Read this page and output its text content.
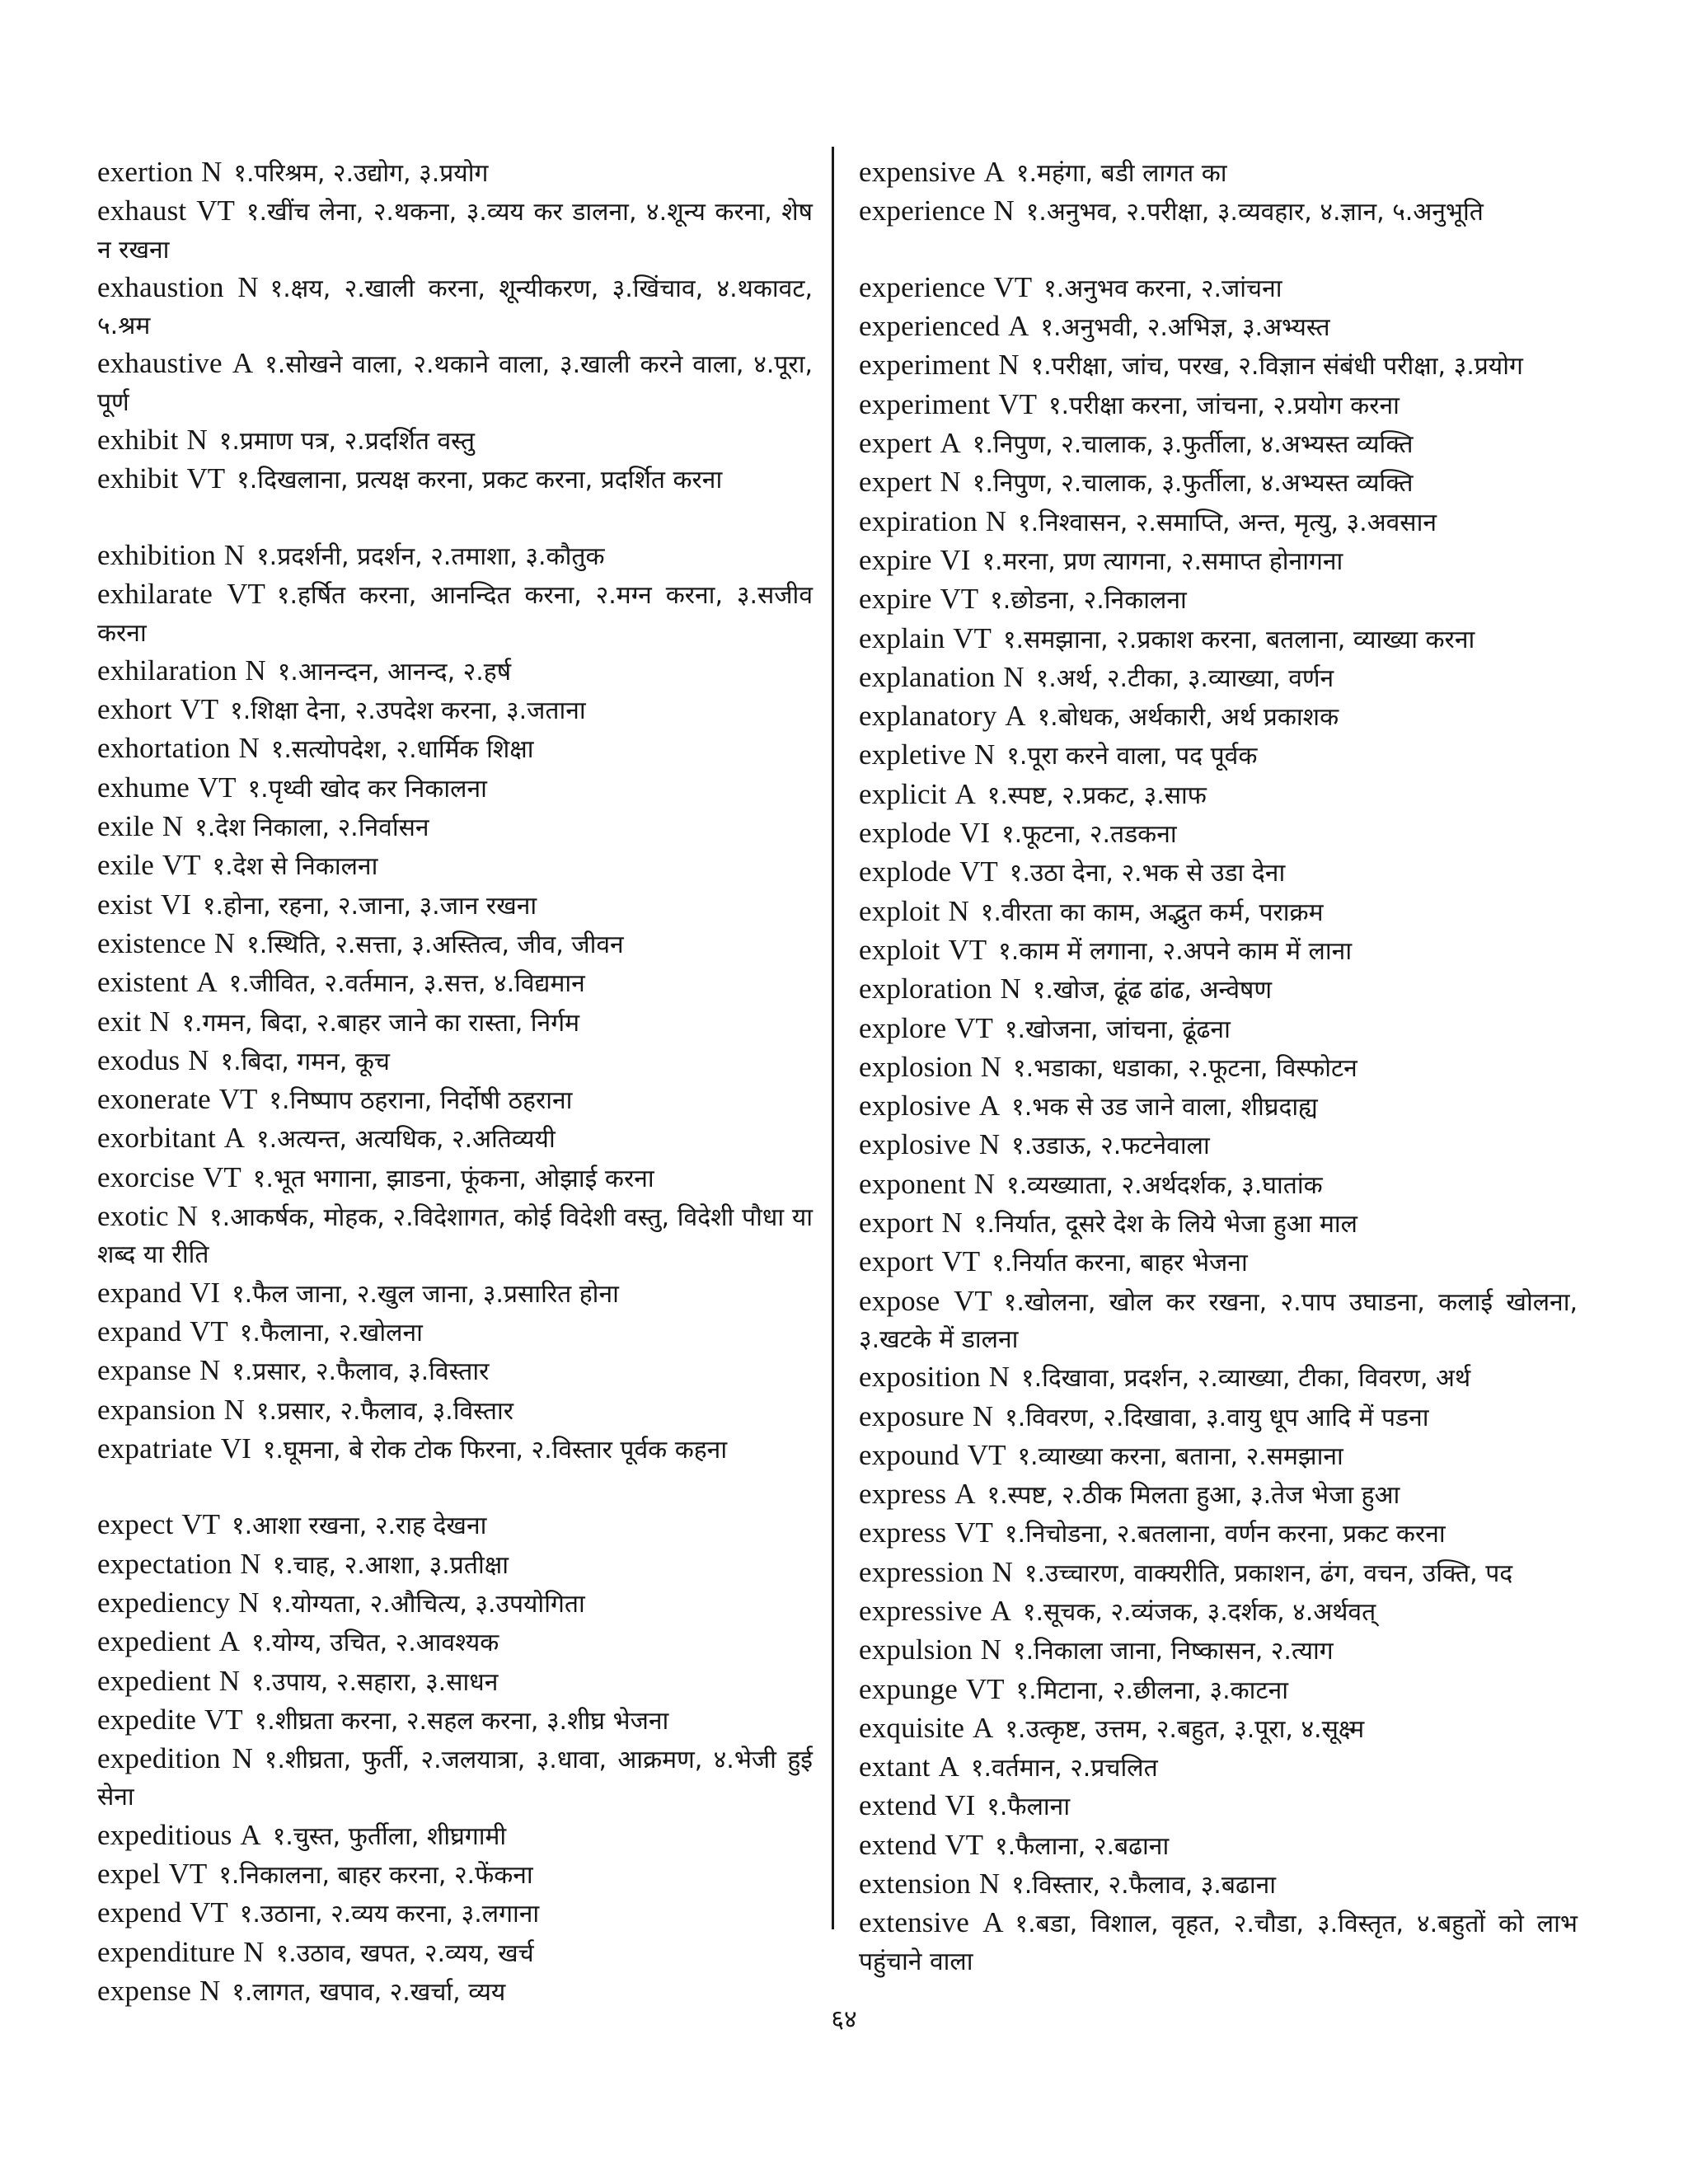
exertion N १.परिश्रम, २.उद्योग, ३.प्रयोग

exhaust VT १.खींच लेना, २.थकना, ३.व्यय कर डालना, ४.शून्य करना, शेष न रखना

exhaustion N १.क्षय, २.खाली करना, शून्यीकरण, ३.खिंचाव, ४.थकावट, ५.श्रम

exhaustive A १.सोखने वाला, २.थकाने वाला, ३.खाली करने वाला, ४.पूरा, पूर्ण

exhibit N १.प्रमाण पत्र, २.प्रदर्शित वस्तु

exhibit VT १.दिखलाना, प्रत्यक्ष करना, प्रकट करना, प्रदर्शित करना

exhibition N १.प्रदर्शनी, प्रदर्शन, २.तमाशा, ३.कौतुक

exhilarate VT १.हर्षित करना, आनन्दित करना, २.मग्न करना, ३.सजीव करना

exhilaration N १.आनन्दन, आनन्द, २.हर्ष

exhort VT १.शिक्षा देना, २.उपदेश करना, ३.जताना

exhortation N १.सत्योपदेश, २.धार्मिक शिक्षा

exhume VT १.पृथ्वी खोद कर निकालना

exile N १.देश निकाला, २.निर्वासन

exile VT १.देश से निकालना

exist VI १.होना, रहना, २.जाना, ३.जान रखना

existence N १.स्थिति, २.सत्ता, ३.अस्तित्व, जीव, जीवन

existent A १.जीवित, २.वर्तमान, ३.सत्त, ४.विद्यमान

exit N १.गमन, बिदा, २.बाहर जाने का रास्ता, निर्गम

exodus N १.बिदा, गमन, कूच

exonerate VT १.निष्पाप ठहराना, निर्दोषी ठहराना

exorbitant A १.अत्यन्त, अत्यधिक, २.अतिव्ययी

exorcise VT १.भूत भगाना, झाडना, फूंकना, ओझाई करना

exotic N १.आकर्षक, मोहक, २.विदेशागत, कोई विदेशी वस्तु, विदेशी पौधा या शब्द या रीति

expand VI १.फैल जाना, २.खुल जाना, ३.प्रसारित होना

expand VT १.फैलाना, २.खोलना

expanse N १.प्रसार, २.फैलाव, ३.विस्तार

expansion N १.प्रसार, २.फैलाव, ३.विस्तार

expatriate VI १.घूमना, बे रोक टोक फिरना, २.विस्तार पूर्वक कहना

expect VT १.आशा रखना, २.राह देखना

expectation N १.चाह, २.आशा, ३.प्रतीक्षा

expediency N १.योग्यता, २.औचित्य, ३.उपयोगिता

expedient A १.योग्य, उचित, २.आवश्यक

expedient N १.उपाय, २.सहारा, ३.साधन

expedite VT १.शीघ्रता करना, २.सहल करना, ३.शीघ्र भेजना

expedition N १.शीघ्रता, फुर्ती, २.जलयात्रा, ३.धावा, आक्रमण, ४.भेजी हुई सेना

expeditious A १.चुस्त, फुर्तीला, शीघ्रगामी

expel VT १.निकालना, बाहर करना, २.फेंकना

expend VT १.उठाना, २.व्यय करना, ३.लगाना

expenditure N १.उठाव, खपत, २.व्यय, खर्च

expense N १.लागत, खपाव, २.खर्चा, व्यय

expensive A १.महंगा, बडी लागत का

experience N १.अनुभव, २.परीक्षा, ३.व्यवहार, ४.ज्ञान, ५.अनुभूति

experience VT १.अनुभव करना, २.जांचना

experienced A १.अनुभवी, २.अभिज्ञ, ३.अभ्यस्त

experiment N १.परीक्षा, जांच, परख, २.विज्ञान संबंधी परीक्षा, ३.प्रयोग

experiment VT १.परीक्षा करना, जांचना, २.प्रयोग करना

expert A १.निपुण, २.चालाक, ३.फुर्तीला, ४.अभ्यस्त व्यक्ति

expert N १.निपुण, २.चालाक, ३.फुर्तीला, ४.अभ्यस्त व्यक्ति

expiration N १.निश्वासन, २.समाप्ति, अन्त, मृत्यु, ३.अवसान

expire VI १.मरना, प्रण त्यागना, २.समाप्त होनागना

expire VT १.छोडना, २.निकालना

explain VT १.समझाना, २.प्रकाश करना, बतलाना, व्याख्या करना

explanation N १.अर्थ, २.टीका, ३.व्याख्या, वर्णन

explanatory A १.बोधक, अर्थकारी, अर्थ प्रकाशक

expletive N १.पूरा करने वाला, पद पूर्वक

explicit A १.स्पष्ट, २.प्रकट, ३.साफ

explode VI १.फूटना, २.तडकना

explode VT १.उठा देना, २.भक से उडा देना

exploit N १.वीरता का काम, अद्भुत कर्म, पराक्रम

exploit VT १.काम में लगाना, २.अपने काम में लाना

exploration N १.खोज, ढूंढ ढांढ, अन्वेषण

explore VT १.खोजना, जांचना, ढूंढना

explosion N १.भडाका, धडाका, २.फूटना, विस्फोटन

explosive A १.भक से उड जाने वाला, शीघ्रदाह्य

explosive N १.उडाऊ, २.फटनेवाला

exponent N १.व्यख्याता, २.अर्थदर्शक, ३.घातांक

export N १.निर्यात, दूसरे देश के लिये भेजा हुआ माल

export VT १.निर्यात करना, बाहर भेजना

expose VT १.खोलना, खोल कर रखना, २.पाप उघाडना, कलाई खोलना, ३.खटके में डालना

exposition N १.दिखावा, प्रदर्शन, २.व्याख्या, टीका, विवरण, अर्थ

exposure N १.विवरण, २.दिखावा, ३.वायु धूप आदि में पडना

expound VT १.व्याख्या करना, बताना, २.समझाना

express A १.स्पष्ट, २.ठीक मिलता हुआ, ३.तेज भेजा हुआ

express VT १.निचोडना, २.बतलाना, वर्णन करना, प्रकट करना

expression N १.उच्चारण, वाक्यरीति, प्रकाशन, ढंग, वचन, उक्ति, पद

expressive A १.सूचक, २.व्यंजक, ३.दर्शक, ४.अर्थवत्

expulsion N १.निकाला जाना, निष्कासन, २.त्याग

expunge VT १.मिटाना, २.छीलना, ३.काटना

exquisite A १.उत्कृष्ट, उत्तम, २.बहुत, ३.पूरा, ४.सूक्ष्म

extant A १.वर्तमान, २.प्रचलित

extend VI १.फैलाना

extend VT १.फैलाना, २.बढाना

extension N १.विस्तार, २.फैलाव, ३.बढाना

extensive A १.बडा, विशाल, वृहत, २.चौडा, ३.विस्तृत, ४.बहुतों को लाभ पहुंचाने वाला

६४
